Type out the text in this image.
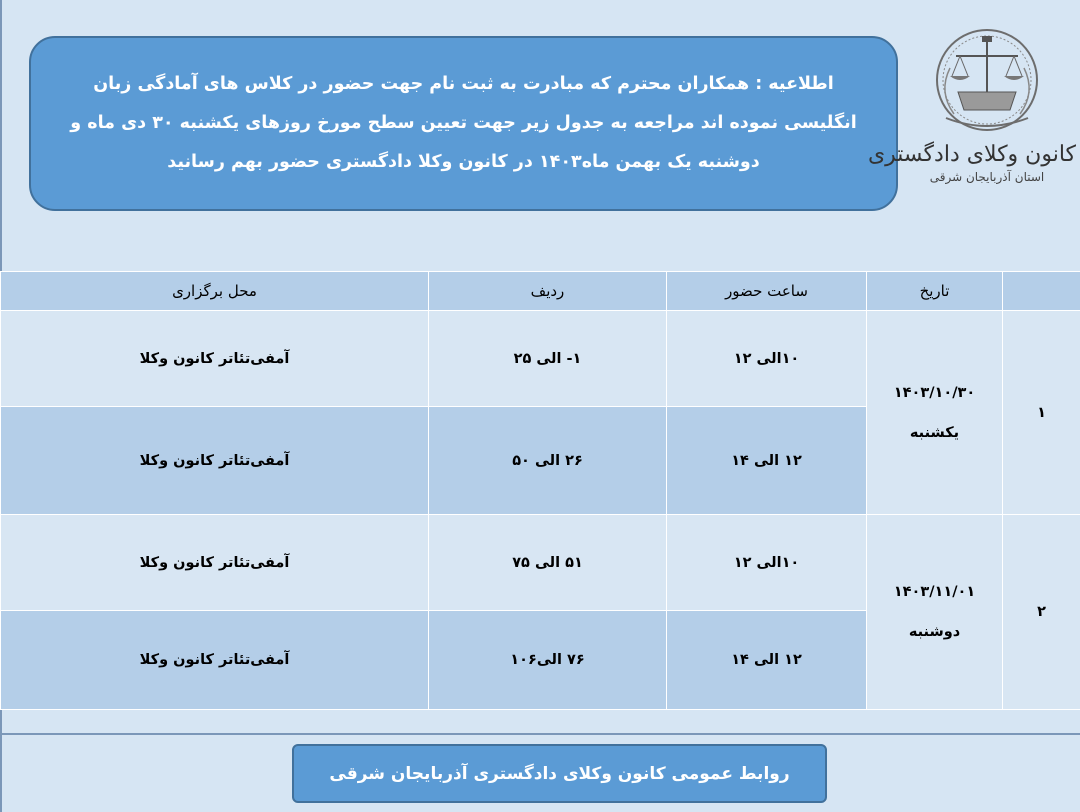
اطلاعیه : همکاران محترم که مبادرت به ثبت نام جهت حضور در کلاس های آمادگی زبان
انگلیسی نموده اند مراجعه به جدول زیر جهت تعیین سطح مورخ روزهای یکشنبه ۳۰ دی ماه و
دوشنبه یک بهمن ماه۱۴۰۳ در کانون وکلا دادگستری حضور بهم رسانید	کانون وکلای دادگستری
استان آذربایجان شرقی
محل برگزاری	ردیف	ساعت حضور	تاریخ	
آمفی‌تئاتر کانون وکلا	۱- الی ۲۵	۱۰الی ۱۲	۱۴۰۳/۱۰/۳۰
یکشنبه	۱
آمفی‌تئاتر کانون وکلا	۲۶ الی ۵۰	۱۲ الی ۱۴		
آمفی‌تئاتر کانون وکلا	۵۱ الی ۷۵	۱۰الی ۱۲	۱۴۰۳/۱۱/۰۱
دوشنبه	۲
آمفی‌تئاتر کانون وکلا	۷۶ الی۱۰۶	۱۲ الی ۱۴		
روابط عمومی کانون وکلای دادگستری آذربایجان شرقی
